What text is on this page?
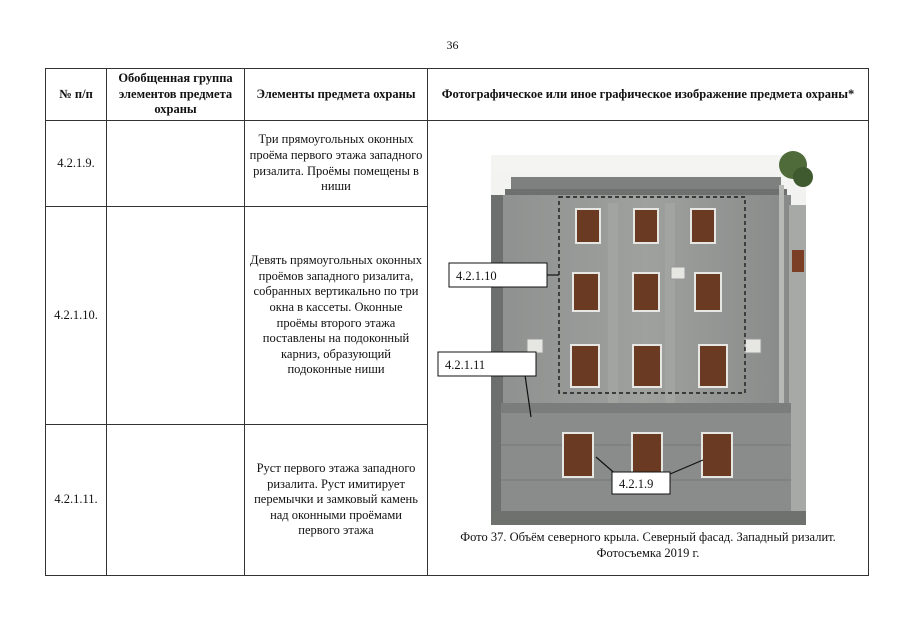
36
№ п/п	Обобщенная группа элементов предмета охраны	Элементы предмета охраны	Фотографическое или иное графическое изображение предмета охраны*
4.2.1.9.		Три прямоугольных оконных проёма первого этажа западного ризалита. Проёмы помещены в ниши	4.2.1.10
4.2.1.11
4.2.1.9
Фото 37. Объём северного крыла. Северный фасад. Западный ризалит. Фотосъемка 2019 г.

4.2.1.10.		Девять прямоугольных оконных проёмов западного ризалита, собранных вертикально по три окна в кассеты. Оконные проёмы второго этажа поставлены на подоконный карниз, образующий подоконные ниши	
4.2.1.11.		Руст первого этажа западного ризалита. Руст имитирует перемычки и замковый камень над оконными проёмами первого этажа	
